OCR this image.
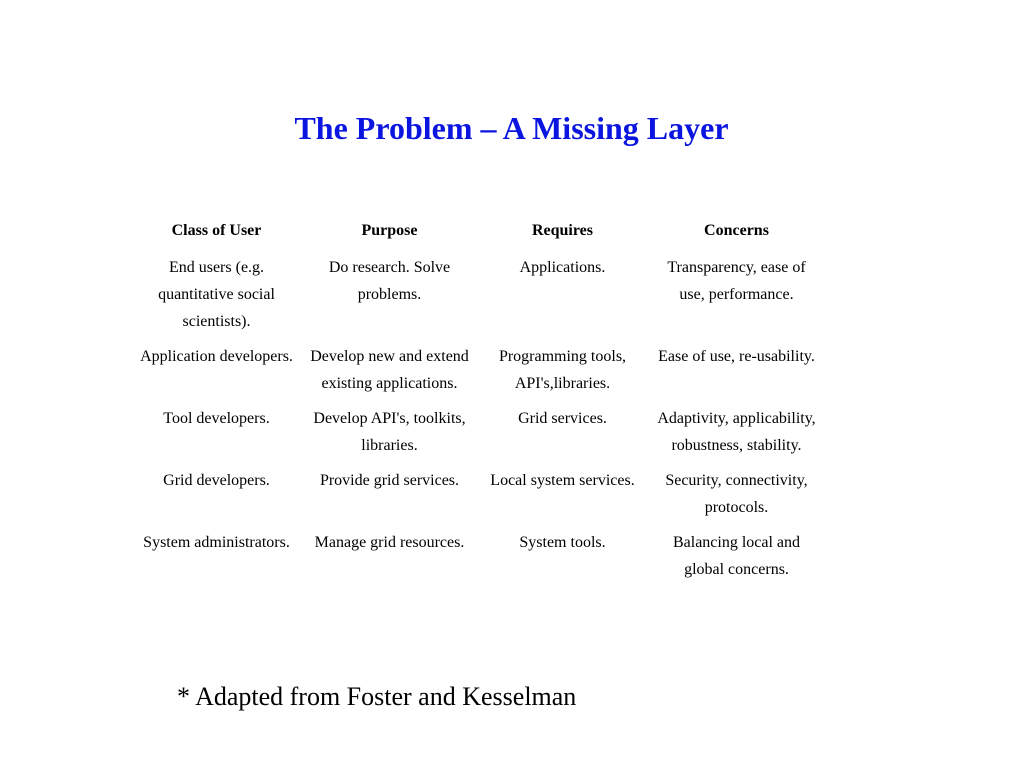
The Problem – A Missing Layer
Class of User	Purpose	Requires	Concerns
End users (e.g. quantitative social scientists).	Do research. Solve problems.	Applications.	Transparency, ease of use, performance.
Application developers.	Develop new and extend existing applications.	Programming tools, API's,libraries.	Ease of use, re-usability.
Tool developers.	Develop API's, toolkits, libraries.	Grid services.	Adaptivity, applicability, robustness, stability.
Grid developers.	Provide grid services.	Local system services.	Security, connectivity, protocols.
System administrators.	Manage grid resources.	System tools.	Balancing local and global concerns.
* Adapted from Foster and Kesselman
